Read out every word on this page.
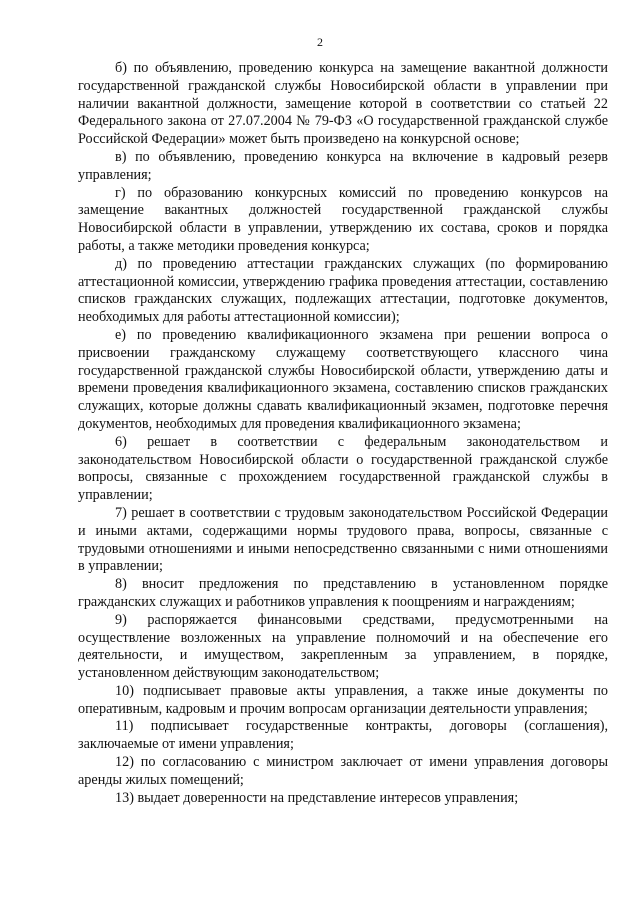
2

б) по объявлению, проведению конкурса на замещение вакантной должности государственной гражданской службы Новосибирской области в управлении при наличии вакантной должности, замещение которой в соответствии со статьей 22 Федерального закона от 27.07.2004 № 79-ФЗ «О государственной гражданской службе Российской Федерации» может быть произведено на конкурсной основе;

в) по объявлению, проведению конкурса на включение в кадровый резерв управления;

г) по образованию конкурсных комиссий по проведению конкурсов на замещение вакантных должностей государственной гражданской службы Новосибирской области в управлении, утверждению их состава, сроков и порядка работы, а также методики проведения конкурса;

д) по проведению аттестации гражданских служащих (по формированию аттестационной комиссии, утверждению графика проведения аттестации, составлению списков гражданских служащих, подлежащих аттестации, подготовке документов, необходимых для работы аттестационной комиссии);

е) по проведению квалификационного экзамена при решении вопроса о присвоении гражданскому служащему соответствующего классного чина государственной гражданской службы Новосибирской области, утверждению даты и времени проведения квалификационного экзамена, составлению списков гражданских служащих, которые должны сдавать квалификационный экзамен, подготовке перечня документов, необходимых для проведения квалификационного экзамена;

6) решает в соответствии с федеральным законодательством и законодательством Новосибирской области о государственной гражданской службе вопросы, связанные с прохождением государственной гражданской службы в управлении;

7) решает в соответствии с трудовым законодательством Российской Федерации и иными актами, содержащими нормы трудового права, вопросы, связанные с трудовыми отношениями и иными непосредственно связанными с ними отношениями в управлении;

8) вносит предложения по представлению в установленном порядке гражданских служащих и работников управления к поощрениям и награждениям;

9) распоряжается финансовыми средствами, предусмотренными на осуществление возложенных на управление полномочий и на обеспечение его деятельности, и имуществом, закрепленным за управлением, в порядке, установленном действующим законодательством;

10) подписывает правовые акты управления, а также иные документы по оперативным, кадровым и прочим вопросам организации деятельности управления;

11) подписывает государственные контракты, договоры (соглашения), заключаемые от имени управления;

12) по согласованию с министром заключает от имени управления договоры аренды жилых помещений;

13) выдает доверенности на представление интересов управления;
